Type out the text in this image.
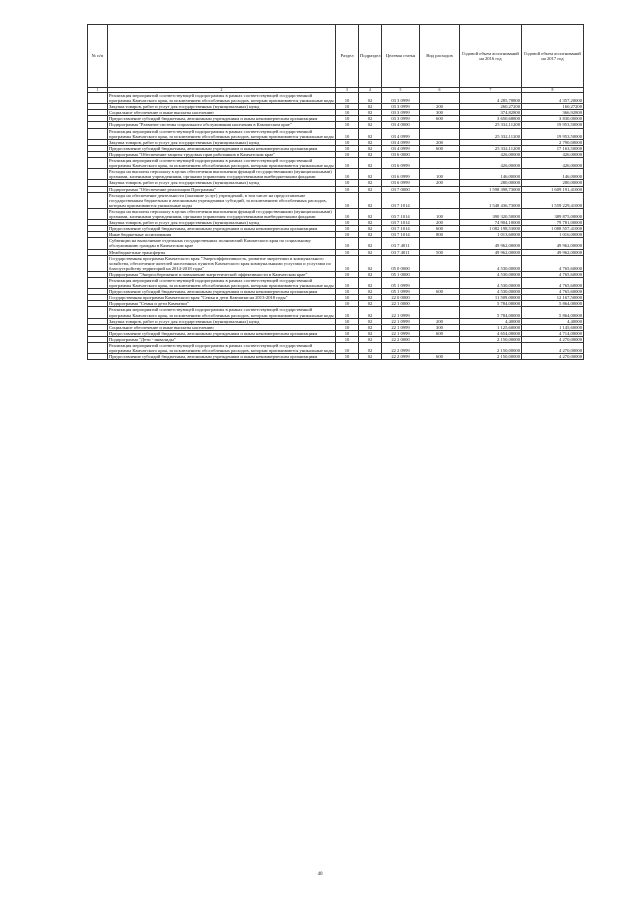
№ п/п		Раздел	Подраздел	Целевая статья	Вид расходов	Годовой объем ассигнований на 2016 год	Годовой объем ассигнований на 2017 год
1	2	3	4	5	6	7	8
	Реализация мероприятий соответствующей подпрограммы в рамках соответствующей государственной программы Камчатского края, за исключением обособленных расходов, которым присваиваются уникальные коды	10	02	03 3 0999		4 285,78800	4 357,20000
	Закупка товаров, работ и услуг для государственных (муниципальных) нужд	10	02	03 3 0999	200	260,27200	160,27200
	Социальное обеспечение и иные выплаты населению	10	02	03 3 0999	300	374,82800	366,92800
	Предоставление субсидий бюджетным, автономным учреждениям и иным некоммерческим организациям	10	02	03 3 0999	600	3 650,68800	3 830,00000
	Подпрограмма "Развитие системы социального обслуживания населения в Камчатском крае"	10	02	03 4 0000		25 332,11200	19 953,50000
	Реализация мероприятий соответствующей подпрограммы в рамках соответствующей государственной программы Камчатского края, за исключением обособленных расходов, которым присваиваются уникальные коды	10	02	03 4 0999		25 332,11200	19 953,50000
	Закупка товаров, работ и услуг для государственных (муниципальных) нужд	10	02	03 4 0999	200		2 790,00000
	Предоставление субсидий бюджетным, автономным учреждениям и иным некоммерческим организациям	10	02	03 4 0999	600	25 332,11200	17 163,50000
	Подпрограмма "Обеспечение защиты трудовых прав работников в Камчатском крае"	10	02	03 6 0000		426,00000	426,00000
	Реализация мероприятий соответствующей подпрограммы в рамках соответствующей государственной программы Камчатского края, за исключением обособленных расходов, которым присваиваются уникальные коды	10	02	03 6 0999		426,00000	426,00000
	Расходы на выплаты персоналу в целях обеспечения выполнения функций государственными (муниципальными) органами, казенными учреждениями, органами управления государственными внебюджетными фондами	10	02	03 6 0999	100	146,00000	146,00000
	Закупка товаров, работ и услуг для государственных (муниципальных) нужд	10	02	03 6 0999	200	280,00000	280,00000
	Подпрограмма "Обеспечение реализации Программы"	10	02	03 7 0000		1 598 398,73000	1 609 191,41000
	Расходы на обеспечение деятельности (оказание услуг) учреждений, в том числе на предоставление государственным бюджетным и автономным учреждениям субсидий, за исключением обособленных расходов, которым присваиваются уникальные коды	10	02	03 7 1014		1 548 436,73000	1 559 229,41000
	Расходы на выплаты персоналу в целях обеспечения выполнения функций государственными (муниципальными) органами, казенными учреждениями, органами управления государственными внебюджетными фондами	10	02	03 7 1014	100	390 320,50000	389 875,00000
	Закупка товаров, работ и услуг для государственных (муниципальных) нужд	10	02	03 7 1014	200	74 904,10000	79 781,00000
	Предоставление субсидий бюджетным, автономным учреждениям и иным некоммерческим организациям	10	02	03 7 1014	600	1 082 198,53000	1 088 557,41000
	Иные бюджетные ассигнования	10	02	03 7 1014	800	1 013,60000	1 016,00000
	Субвенции на выполнение отдельных государственных полномочий Камчатского края по социальному обслуживанию граждан в Камчатском крае	10	02	03 7 4011		49 962,00000	49 962,00000
	Межбюджетные трансферты	10	02	03 7 4011	500	49 962,00000	49 962,00000
	Государственная программа Камчатского края "Энергоэффективность, развитие энергетики и коммунального хозяйства, обеспечение жителей населенных пунктов Камчатского края коммунальными услугами и услугами по благоустройству территорий на 2014-2018 годы"	10	02	05 0 0000		4 530,00000	4 765,60000
	Подпрограмма "Энергосбережение и повышение энергетической эффективности в Камчатском крае"	10	02	05 1 0000		4 530,00000	4 765,60000
	Реализация мероприятий соответствующей подпрограммы в рамках соответствующей государственной программы Камчатского края, за исключением обособленных расходов, которым присваиваются уникальные коды	10	02	05 1 0999		4 530,00000	4 765,60000
	Предоставление субсидий бюджетным, автономным учреждениям и иным некоммерческим организациям	10	02	05 1 0999	600	4 530,00000	4 765,60000
	Государственная программа Камчатского края "Семья и дети Камчатки на 2013-2018 годы"	10	02	22 0 0000		11 509,00000	12 167,50000
	Подпрограмма "Семья и дети Камчатки"	10	02	22 1 0000		5 784,00000	5 864,00000
	Реализация мероприятий соответствующей подпрограммы в рамках соответствующей государственной программы Камчатского края, за исключением обособленных расходов, которым присваиваются уникальные коды	10	02	22 1 0999		5 784,00000	5 864,00000
	Закупка товаров, работ и услуг для государственных (муниципальных) нужд	10	02	22 1 0999	200	4,40000	4,40000
	Социальное обеспечение и иные выплаты населению	10	02	22 1 0999	300	1 125,60000	1 145,60000
	Предоставление субсидий бюджетным, автономным учреждениям и иным некоммерческим организациям	10	02	22 1 0999	600	4 654,00000	4 714,00000
	Подпрограмма "Дети - инвалиды"	10	02	22 2 0000		2 150,00000	4 270,00000
	Реализация мероприятий соответствующей подпрограммы в рамках соответствующей государственной программы Камчатского края, за исключением обособленных расходов, которым присваиваются уникальные коды	10	02	22 2 0999		2 150,00000	4 270,00000
	Предоставление субсидий бюджетным, автономным учреждениям и иным некоммерческим организациям	10	02	22 2 0999	600	2 150,00000	4 270,00000
40
